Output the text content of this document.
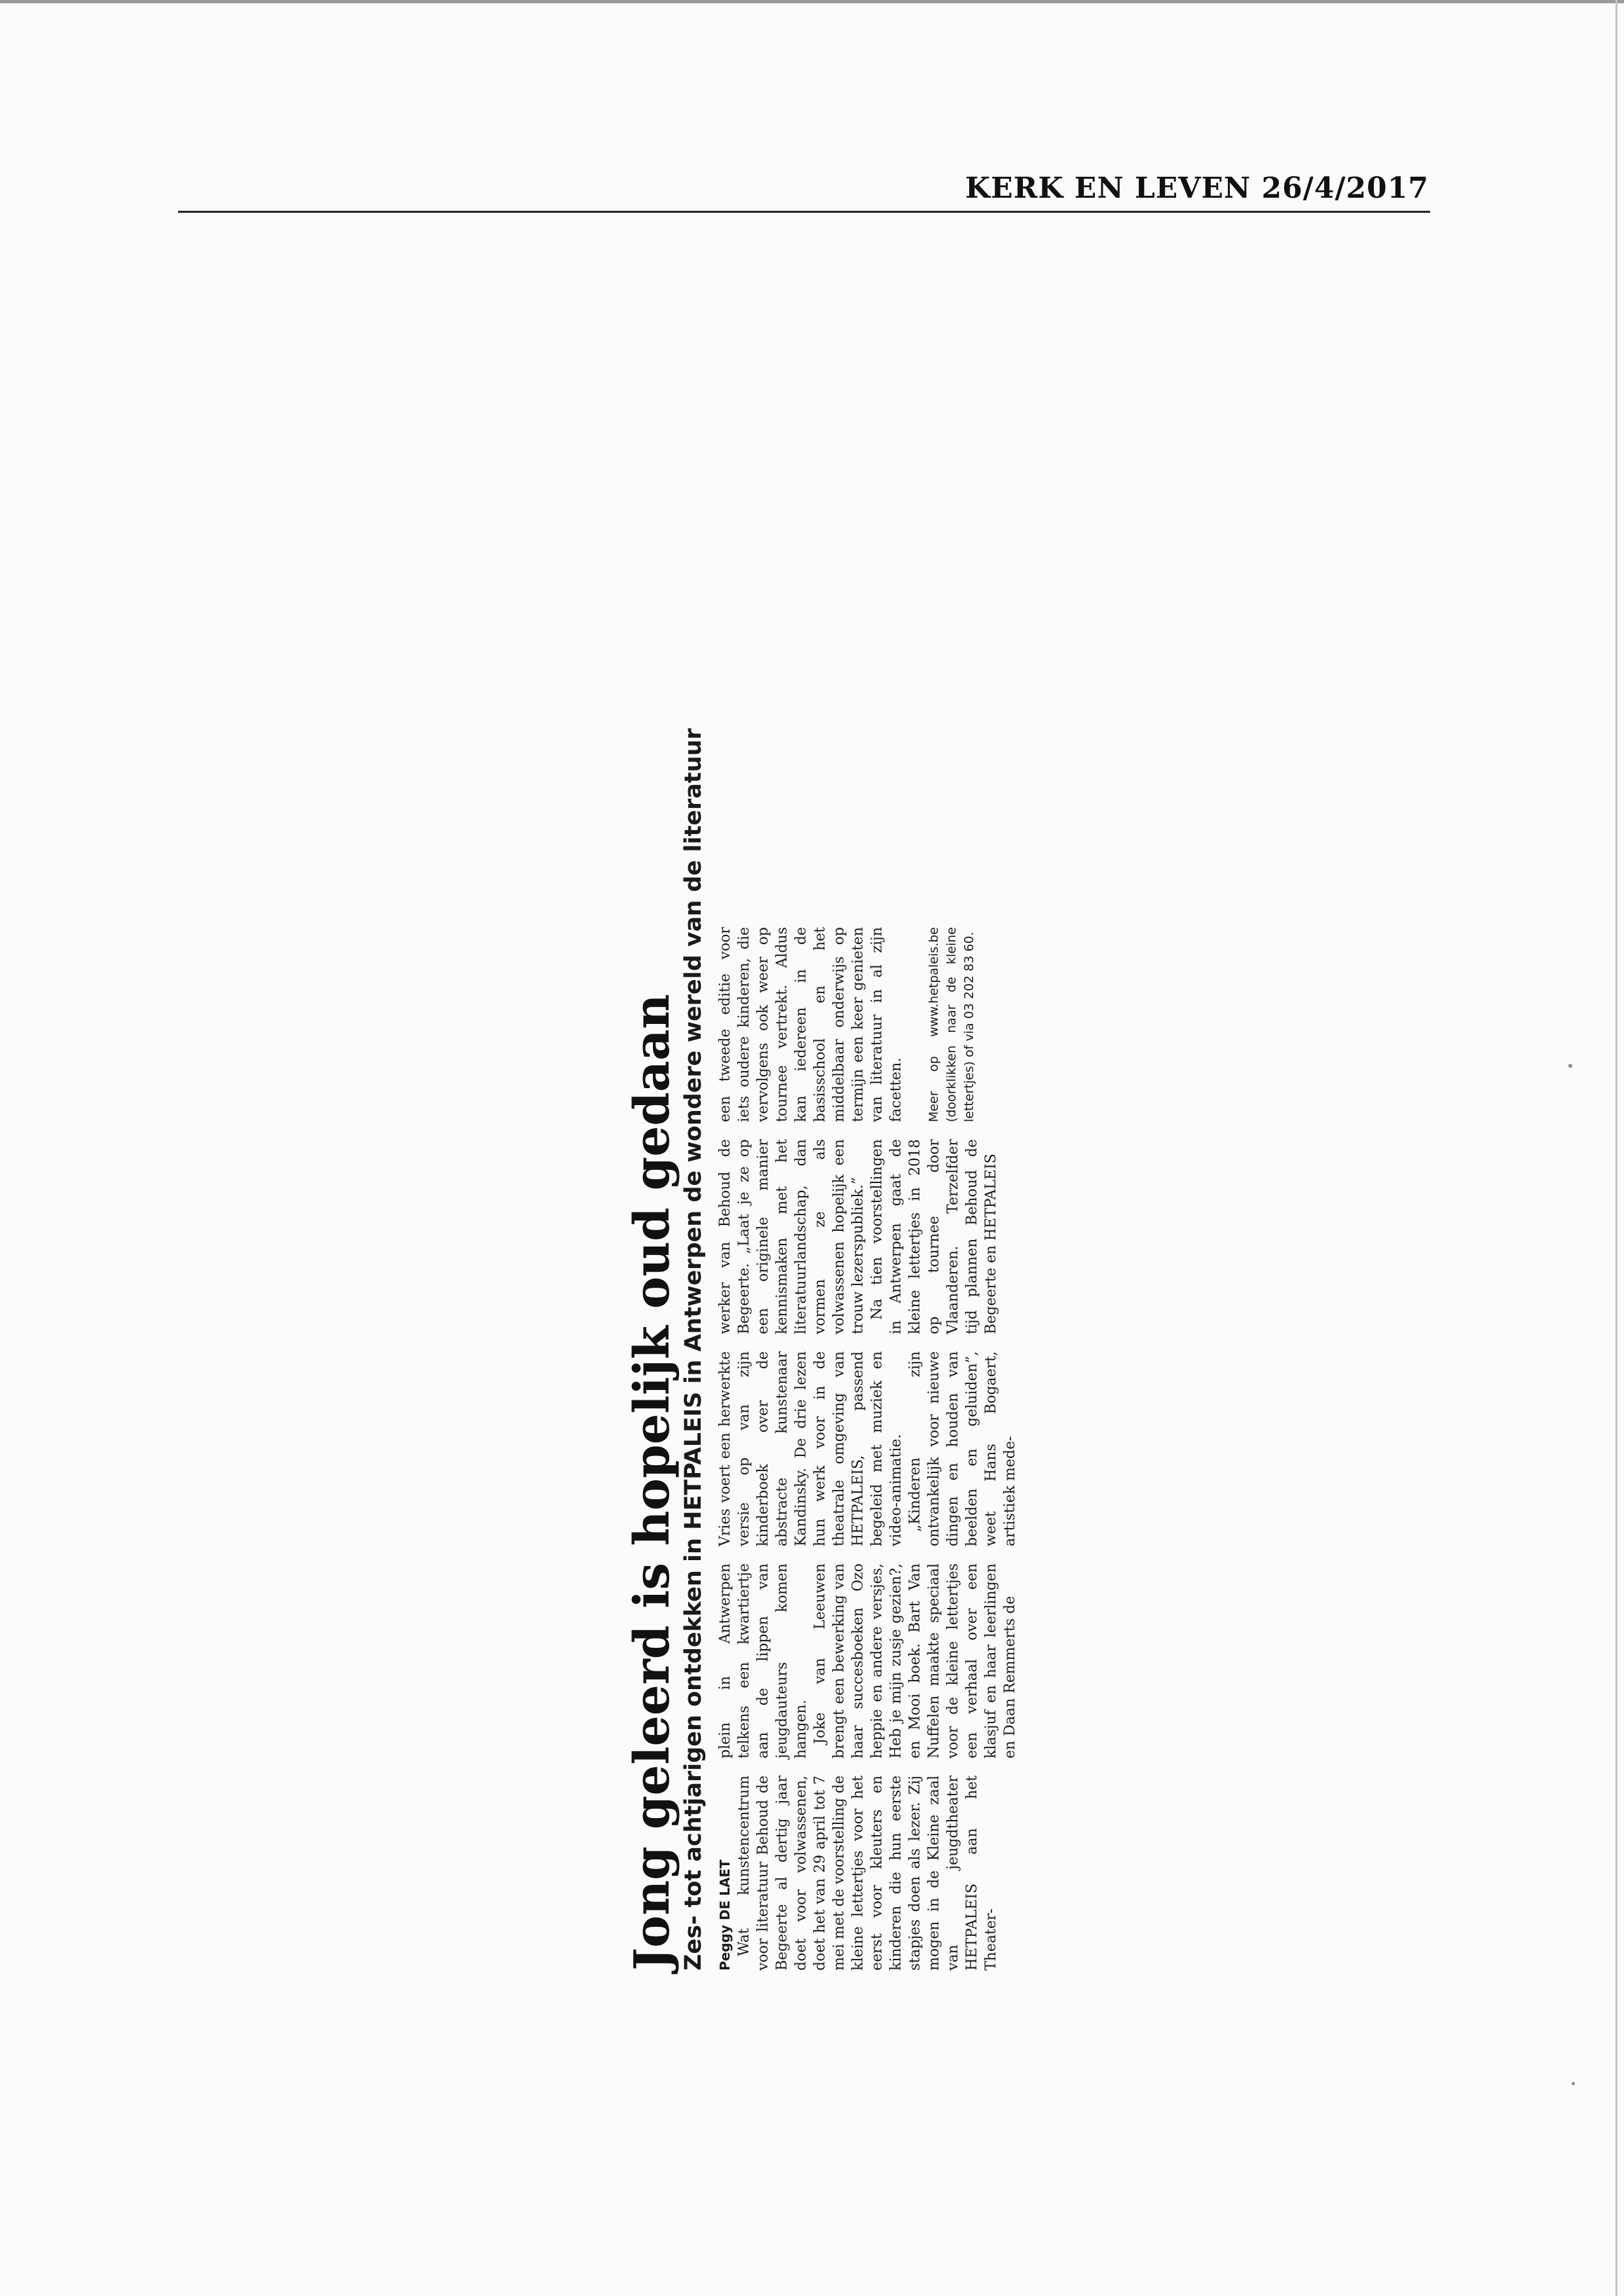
KERK EN LEVEN 26/4/2017
Jong geleerd is hopelijk oud gedaan Zes- tot achtjarigen ontdekken in HETPALEIS in Antwerpen de wondere wereld van de literatuur Peggy DE LAET Wat kunstencentrum voor literatuur Behoud de Begeerte al dertig jaar doet voor volwassenen, doet het van 29 april tot 7 mei met de voorstelling de kleine lettertjes voor het eerst voor kleuters en kinderen die hun eerste stapjes doen als lezer. Zij mogen in de Kleine zaal van jeugdtheater HETPALEIS aan het Theater-

plein in Antwerpen telkens een kwartiertje aan de lippen van jeugdauteurs komen hangen. Joke van Leeuwen brengt een bewerking van haar succesboeken Ozo heppie en andere versjes, Heb je mijn zusje gezien?, en Mooi boek. Bart Van Nuffelen maakte speciaal voor de kleine lettertjes een verhaal over een klasjuf en haar leerlingen en Daan Remmerts de

Vries voert een herwerkte versie op van zijn kinderboek over de abstracte kunstenaar Kandinsky. De drie lezen hun werk voor in de theatrale omgeving van HETPALEIS, passend begeleid met muziek en video-animatie. „Kinderen zijn ontvankelijk voor nieuwe dingen en houden van beelden en geluiden”, weet Hans Bogaert, artistiek mede-

werker van Behoud de Begeerte. „Laat je ze op een originele manier kennismaken met het literatuurlandschap, dan vormen ze als volwassenen hopelijk een trouw lezerspubliek.” Na tien voorstellingen in Antwerpen gaat de kleine lettertjes in 2018 op tournee door Vlaanderen. Terzelfder tijd plannen Behoud de Begeerte en HETPALEIS

een tweede editie voor iets oudere kinderen, die vervolgens ook weer op tournee vertrekt. Aldus kan iedereen in de basisschool en het middelbaar onderwijs op termijn een keer genieten van literatuur in al zijn facetten. Meer op www.hetpaleis.be (doorklikken naar de kleine lettertjes) of via 03 202 83 60.
